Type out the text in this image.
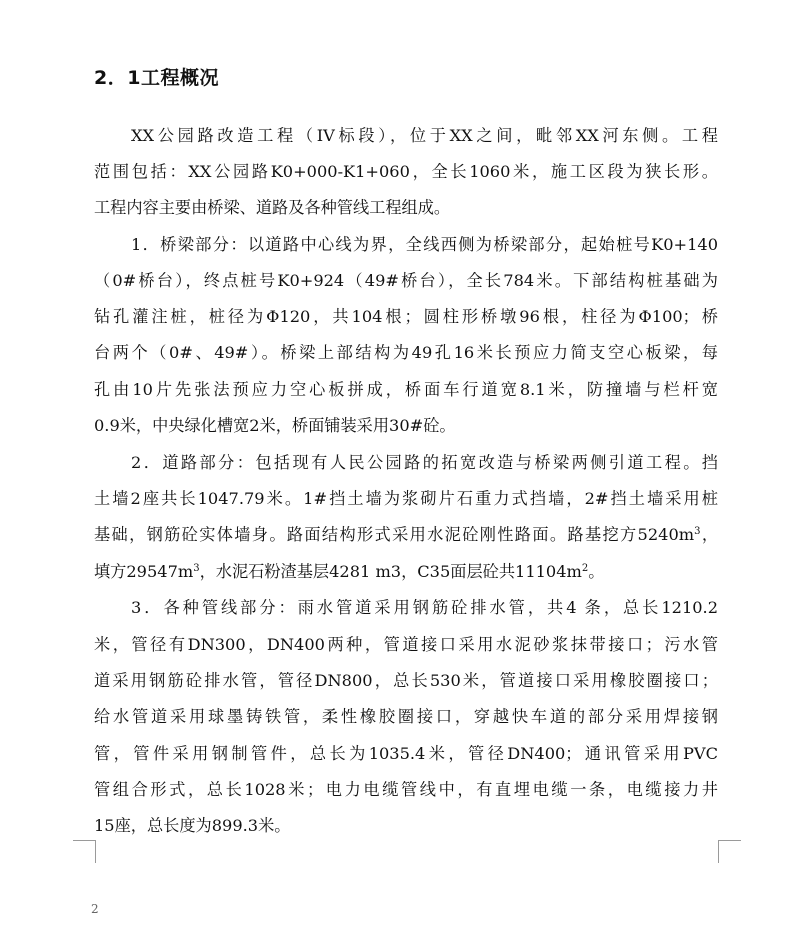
2．1工程概况
XX公园路改造工程（IV标段），位于XX之间，毗邻XX河东侧。工程
范围包括：XX公园路K0+000-K1+060，全长1060米，施工区段为狭长形。
工程内容主要由桥梁、道路及各种管线工程组成。
1．桥梁部分：以道路中心线为界，全线西侧为桥梁部分，起始桩号K0+140
（0#桥台），终点桩号K0+924（49#桥台），全长784米。下部结构桩基础为
钻孔灌注桩，桩径为Φ120，共104根；圆柱形桥墩96根，柱径为Φ100；桥
台两个（0#、49#）。桥梁上部结构为49孔16米长预应力简支空心板梁，每
孔由10片先张法预应力空心板拼成，桥面车行道宽8.1米，防撞墙与栏杆宽
0.9米，中央绿化槽宽2米，桥面铺装采用30#砼。
2．道路部分：包括现有人民公园路的拓宽改造与桥梁两侧引道工程。挡
土墙2座共长1047.79米。1#挡土墙为浆砌片石重力式挡墙，2#挡土墙采用桩
基础，钢筋砼实体墙身。路面结构形式采用水泥砼刚性路面。路基挖方$5240m^3$，
填方$29547m^3$，水泥石粉渣基层4281 m3，C35面层砼共$11104m^2$。
3．各种管线部分：雨水管道采用钢筋砼排水管，共4 条，总长1210.2
米，管径有DN300，DN400两种，管道接口采用水泥砂浆抹带接口；污水管
道采用钢筋砼排水管，管径DN800，总长530米，管道接口采用橡胶圈接口；
给水管道采用球墨铸铁管，柔性橡胶圈接口，穿越快车道的部分采用焊接钢
管，管件采用钢制管件，总长为1035.4米，管径DN400；通讯管采用PVC
管组合形式，总长1028米；电力电缆管线中，有直埋电缆一条，电缆接力井
15座，总长度为899.3米。
2
